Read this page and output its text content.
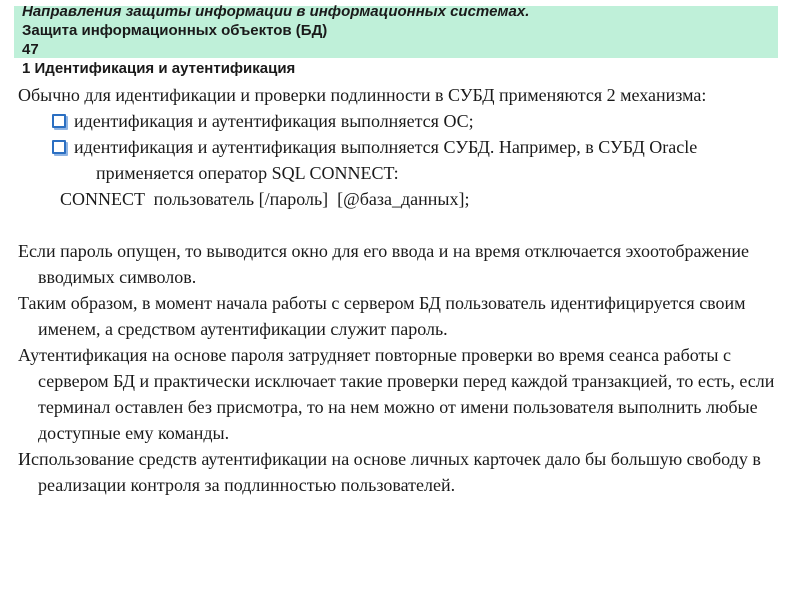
Направления защиты информации в информационных системах.
Защита информационных объектов (БД)
47
1 Идентификация и аутентификация

Обычно для идентификации и проверки подлинности в СУБД применяются 2 механизма:

идентификация и аутентификация выполняется ОС;
идентификация и аутентификация выполняется СУБД. Например, в СУБД Oracle применяется оператор SQL CONNECT:

CONNECT  пользователь [/пароль]  [@база_данных];

Если пароль опущен, то выводится окно для его ввода и на время отключается эхоотображение вводимых символов.

Таким образом, в момент начала работы с сервером БД пользователь идентифицируется своим именем, а средством аутентификации служит пароль.

Аутентификация на основе пароля затрудняет повторные проверки во время сеанса работы с сервером БД и практически исключает такие проверки перед каждой транзакцией, то есть, если терминал оставлен без присмотра, то на нем можно от имени пользователя выполнить любые доступные ему команды.

Использование средств аутентификации на основе личных карточек дало бы большую свободу в реализации контроля за подлинностью пользователей.
